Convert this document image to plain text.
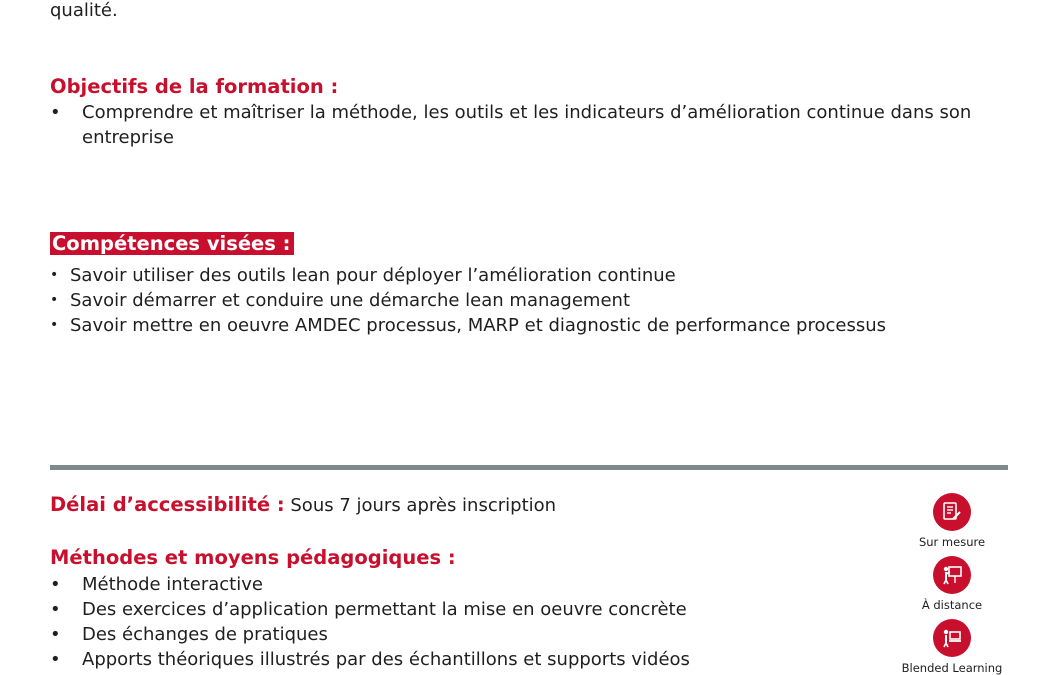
qualité.
Objectifs de la formation :
• Comprendre et maîtriser la méthode, les outils et les indicateurs d’amélioration continue dans son entreprise
Compétences visées :
• Savoir utiliser des outils lean pour déployer l’amélioration continue
• Savoir démarrer et conduire une démarche lean management
• Savoir mettre en oeuvre AMDEC processus, MARP et diagnostic de performance processus
Délai d’accessibilité : Sous 7 jours après inscription
Méthodes et moyens pédagogiques :
• Méthode interactive
• Des exercices d’application permettant la mise en oeuvre concrète
• Des échanges de pratiques
• Apports théoriques illustrés par des échantillons et supports vidéos
Sur mesure
À distance
Blended Learning
